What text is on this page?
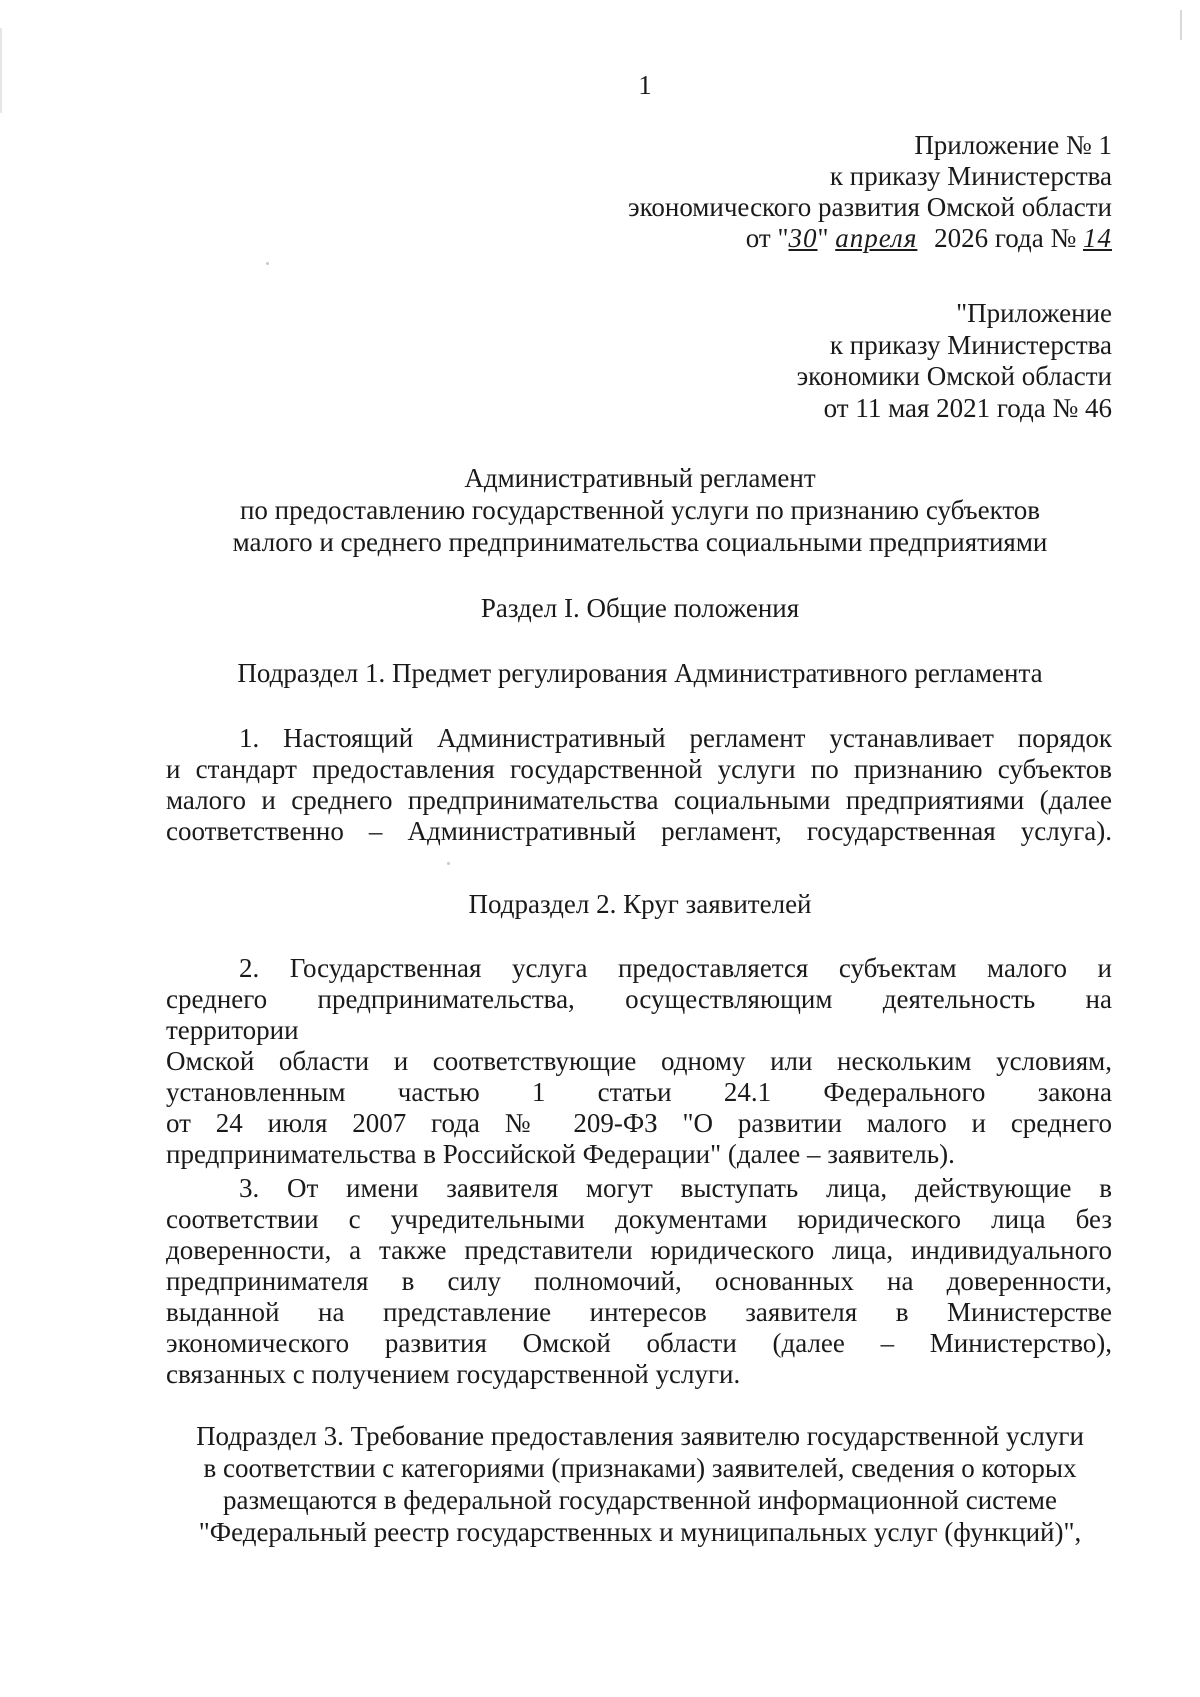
1

Приложение № 1

к приказу Министерства

экономического развития Омской области

от "30" апреля 2026 года № 14

"Приложение

к приказу Министерства

экономики Омской области

от 11 мая 2021 года № 46

Административный регламент

по предоставлению государственной услуги по признанию субъектов

малого и среднего предпринимательства социальными предприятиями

Раздел I. Общие положения

Подраздел 1. Предмет регулирования Административного регламента

1. Настоящий Административный регламент устанавливает порядок

и стандарт предоставления государственной услуги по признанию субъектов

малого и среднего предпринимательства социальными предприятиями (далее

соответственно – Административный регламент, государственная услуга).

Подраздел 2. Круг заявителей

2. Государственная услуга предоставляется субъектам малого и

среднего предпринимательства, осуществляющим деятельность на

территории

Омской области и соответствующие одному или нескольким условиям,

установленным частью 1 статьи 24.1 Федерального закона

от 24 июля 2007 года № 209-ФЗ "О развитии малого и среднего

предпринимательства в Российской Федерации" (далее – заявитель).

3. От имени заявителя могут выступать лица, действующие в

соответствии с учредительными документами юридического лица без

доверенности, а также представители юридического лица, индивидуального

предпринимателя в силу полномочий, основанных на доверенности,

выданной на представление интересов заявителя в Министерстве

экономического развития Омской области (далее – Министерство),

связанных с получением государственной услуги.

Подраздел 3. Требование предоставления заявителю государственной услуги

в соответствии с категориями (признаками) заявителей, сведения о которых

размещаются в федеральной государственной информационной системе

"Федеральный реестр государственных и муниципальных услуг (функций)",
